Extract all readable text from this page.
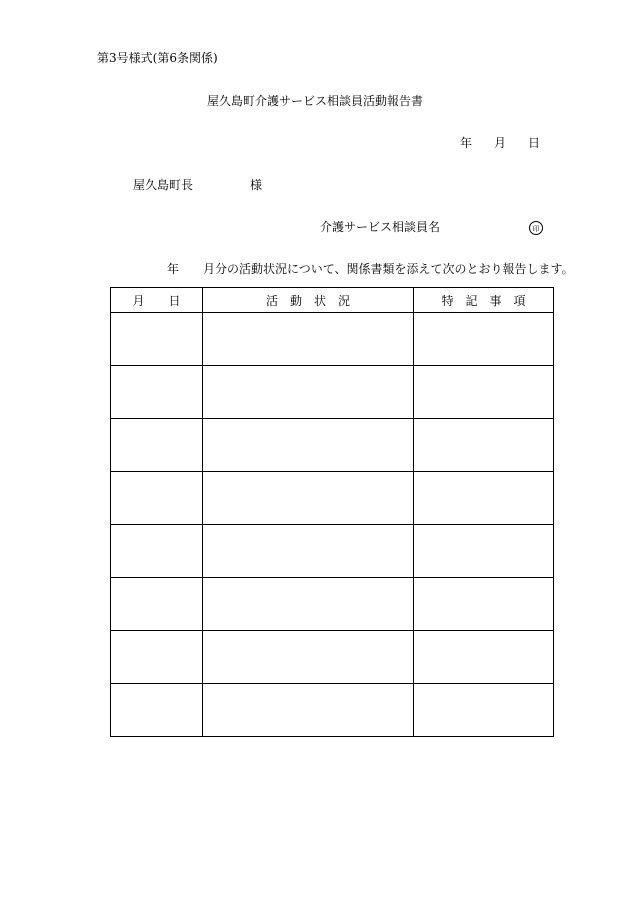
第3号様式(第6条関係)
屋久島町介護サービス相談員活動報告書
年 月 日
屋久島町長	様
介護サービス相談員名	印
年 月分の活動状況について、関係書類を添えて次のとおり報告します。
月　　日	活　動　状　況	特　記　事　項
